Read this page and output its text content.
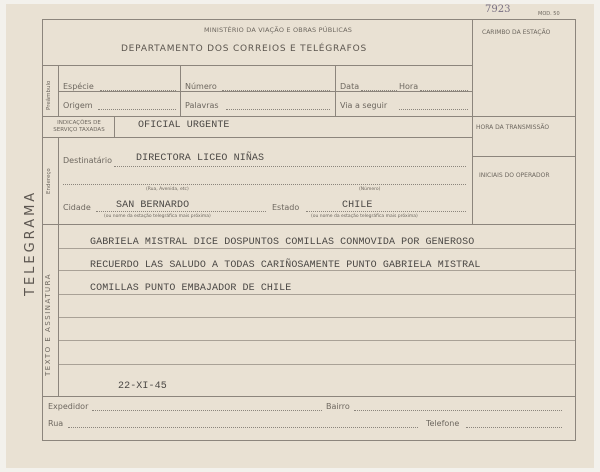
7923	MOD. 50
MINISTÉRIO DA VIAÇÃO E OBRAS PÚBLICAS
DEPARTAMENTO DOS CORREIOS E TELÉGRAFOS
CARIMBO DA ESTAÇÃO
TELEGRAMA
Preâmbulo Espécie	Número	Data	Hora
Origem	Palavras	Via a seguir
INDICAÇÕES DE
SERVIÇO TAXADAS	OFICIAL URGENTE	HORA DA TRANSMISSÃO
INICIAIS DO OPERADOR
Endereço
Destinatário DIRECTORA LICEO NIÑAS
(Rua, Avenida, etc)	(Número)
Cidade	SAN BERNARDO
(ou nome da estação telegráfica mais próxima)
Estado	CHILE
(ou nome da estação telegráfica mais próxima)
TEXTO E ASSINATURA
GABRIELA MISTRAL DICE DOSPUNTOS COMILLAS CONMOVIDA POR GENEROSO
RECUERDO LAS SALUDO A TODAS CARIÑOSAMENTE PUNTO GABRIELA MISTRAL
COMILLAS PUNTO EMBAJADOR DE CHILE
22-XI-45
Expedidor	Bairro
Rua	Telefone
